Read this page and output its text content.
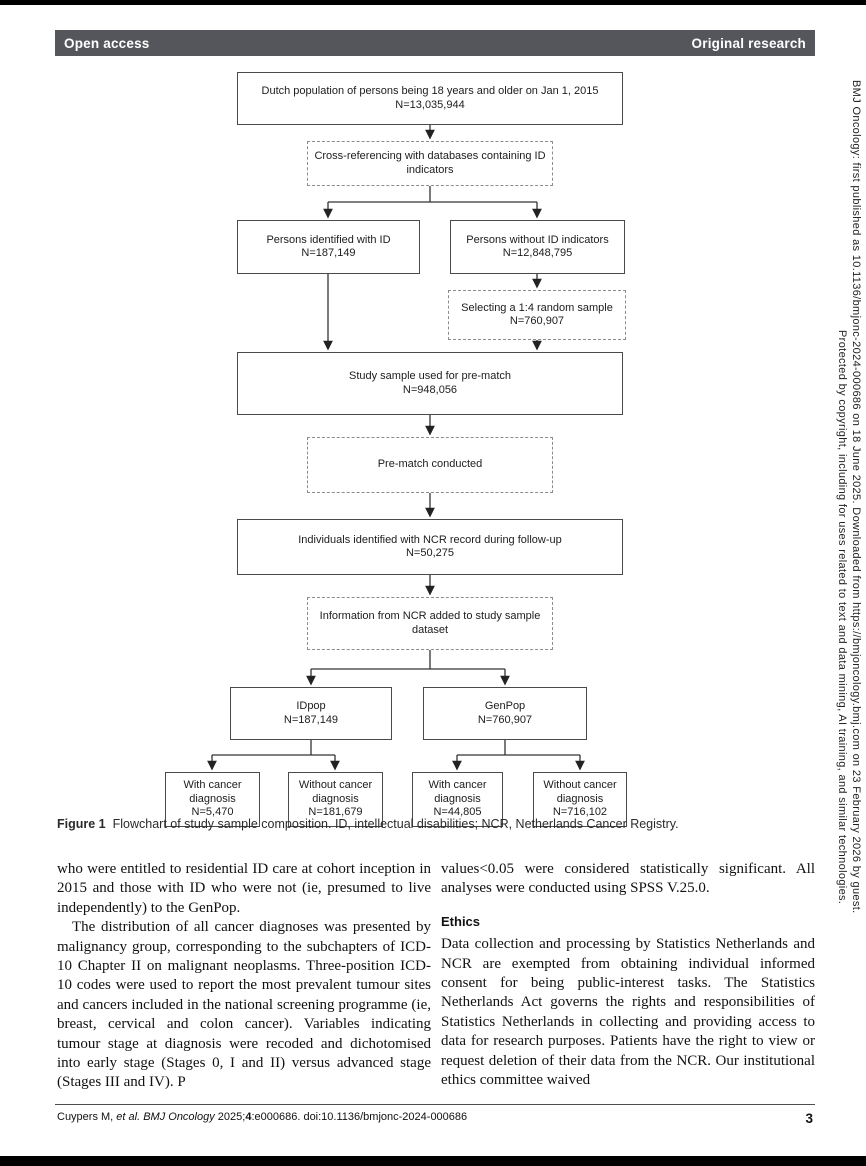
Open access	Original research
Dutch population of persons being 18 years and older on Jan 1, 2015
N=13,035,944
Cross-referencing with databases containing ID
indicators
Persons identified with ID
N=187,149
Persons without ID indicators
N=12,848,795
Selecting a 1:4 random sample
N=760,907
Study sample used for pre-match
N=948,056
Pre-match conducted
Individuals identified with NCR record during follow-up
N=50,275
Information from NCR added to study sample
dataset
IDpop
N=187,149
GenPop
N=760,907
With cancer diagnosis
N=5,470
Without cancer diagnosis
N=181,679
With cancer diagnosis
N=44,805
Without cancer diagnosis
N=716,102
Figure 1 Flowchart of study sample composition. ID, intellectual disabilities; NCR, Netherlands Cancer Registry.

who were entitled to residential ID care at cohort inception in 2015 and those with ID who were not (ie, presumed to live independently) to the GenPop.

The distribution of all cancer diagnoses was presented by malignancy group, corresponding to the subchapters of ICD-10 Chapter II on malignant neoplasms. Three-position ICD-10 codes were used to report the most prevalent tumour sites and cancers included in the national screening programme (ie, breast, cervical and colon cancer). Variables indicating tumour stage at diagnosis were recoded and dichotomised into early stage (Stages 0, I and II) versus advanced stage (Stages III and IV). P

values<0.05 were considered statistically significant. All analyses were conducted using SPSS V.25.0.

Ethics

Data collection and processing by Statistics Netherlands and NCR are exempted from obtaining individual informed consent for being public-interest tasks. The Statistics Netherlands Act governs the rights and responsibilities of Statistics Netherlands in collecting and providing access to data for research purposes. Patients have the right to view or request deletion of their data from the NCR. Our institutional ethics committee waived

Cuypers M, et al. BMJ Oncology 2025;4:e000686. doi:10.1136/bmjonc-2024-000686	3
BMJ Oncology: first published as 10.1136/bmjonc-2024-000686 on 18 June 2025. Downloaded from https://bmjoncology.bmj.com on 23 February 2026 by guest.
Protected by copyright, including for uses related to text and data mining, AI training, and similar technologies.
